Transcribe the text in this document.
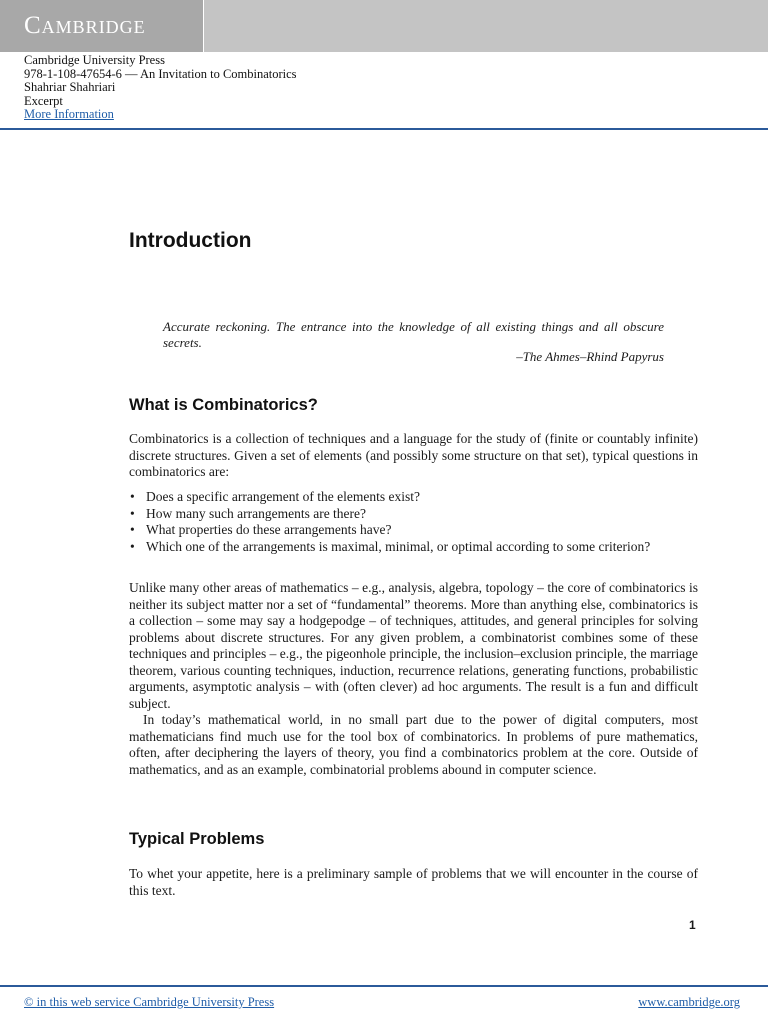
Cambridge
Cambridge University Press
978-1-108-47654-6 — An Invitation to Combinatorics
Shahriar Shahriari
Excerpt
More Information
Introduction
Accurate reckoning. The entrance into the knowledge of all existing things and all obscure secrets.
–The Ahmes–Rhind Papyrus
What is Combinatorics?

Combinatorics is a collection of techniques and a language for the study of (finite or countably infinite) discrete structures. Given a set of elements (and possibly some structure on that set), typical questions in combinatorics are:

• Does a specific arrangement of the elements exist?
• How many such arrangements are there?
• What properties do these arrangements have?
• Which one of the arrangements is maximal, minimal, or optimal according to some criterion?

Unlike many other areas of mathematics – e.g., analysis, algebra, topology – the core of combinatorics is neither its subject matter nor a set of “fundamental” theorems. More than anything else, combinatorics is a collection – some may say a hodgepodge – of techniques, attitudes, and general principles for solving problems about discrete structures. For any given problem, a combinatorist combines some of these techniques and principles – e.g., the pigeonhole principle, the inclusion–exclusion principle, the marriage theorem, various counting techniques, induction, recurrence relations, generating functions, probabilistic arguments, asymptotic analysis – with (often clever) ad hoc arguments. The result is a fun and difficult subject.

In today’s mathematical world, in no small part due to the power of digital computers, most mathematicians find much use for the tool box of combinatorics. In problems of pure mathematics, often, after deciphering the layers of theory, you find a combinatorics problem at the core. Outside of mathematics, and as an example, combinatorial problems abound in computer science.

Typical Problems

To whet your appetite, here is a preliminary sample of problems that we will encounter in the course of this text.

1
© in this web service Cambridge University Press	www.cambridge.org
